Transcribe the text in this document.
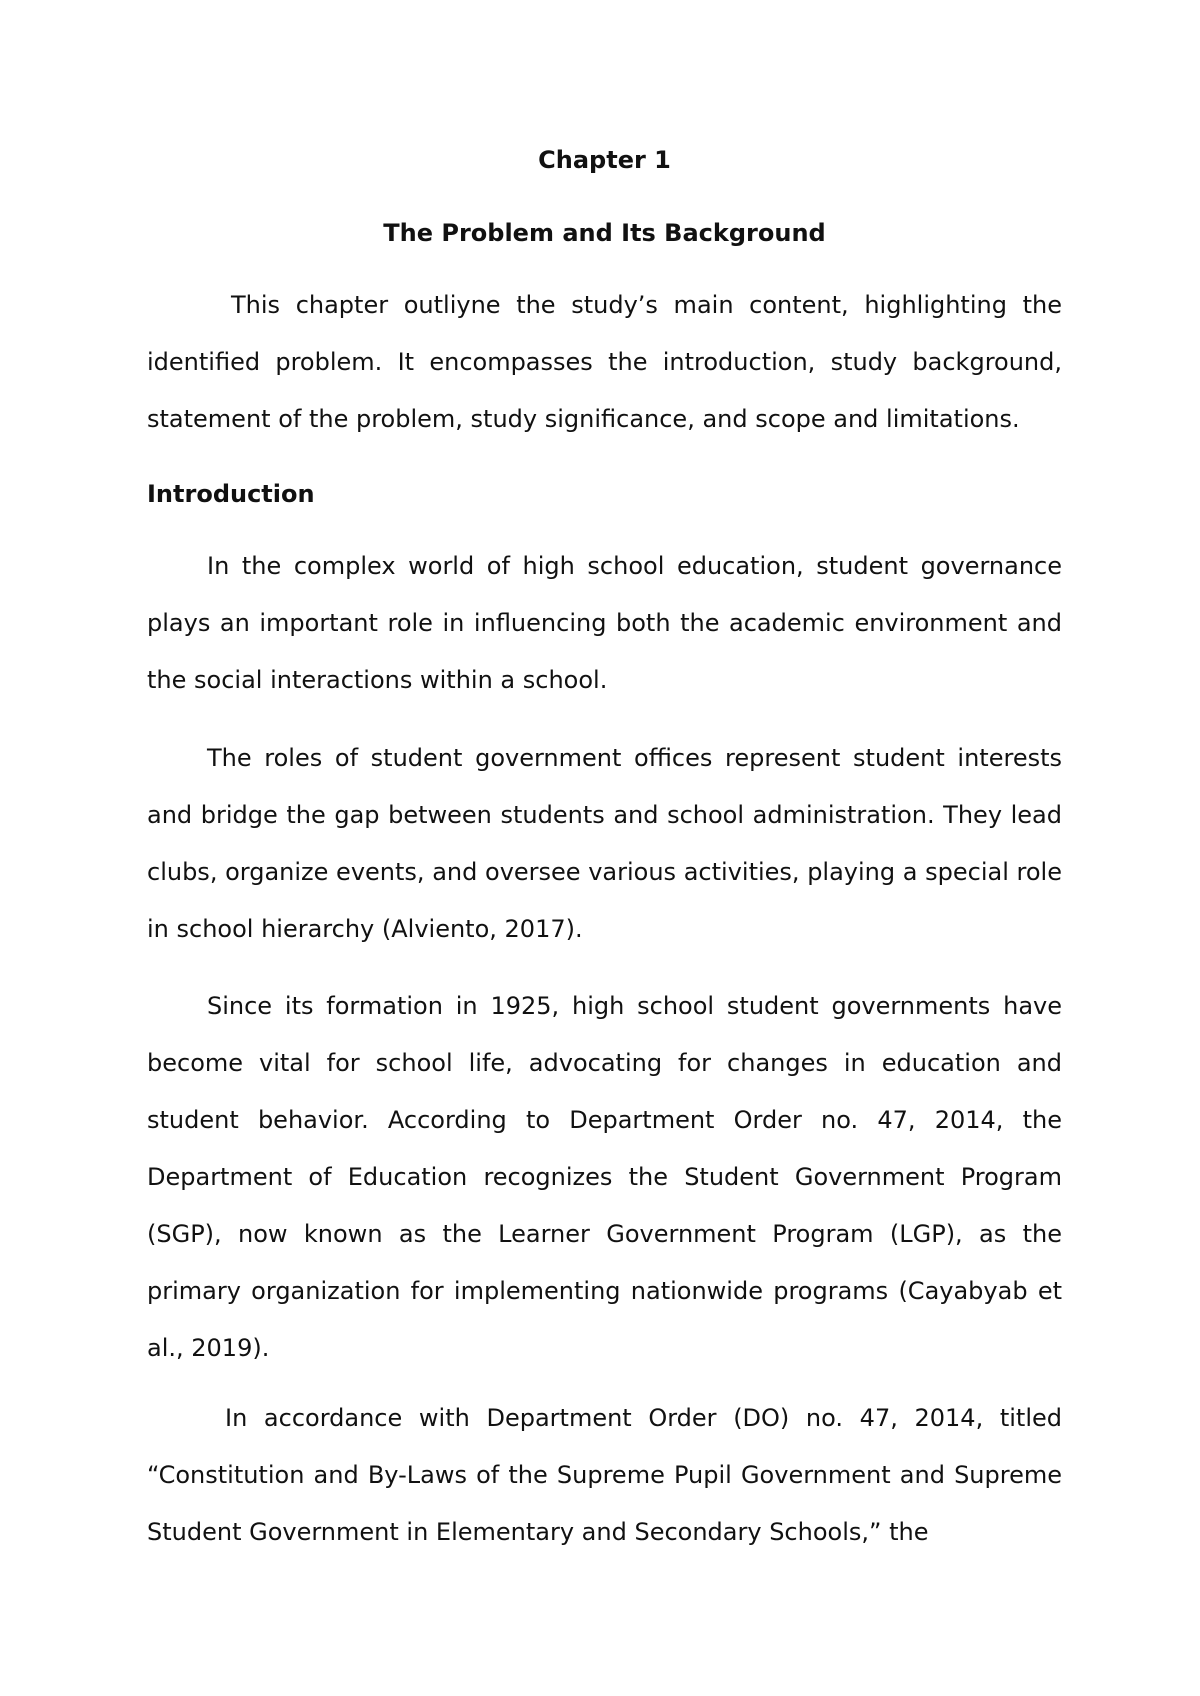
Chapter 1
The Problem and Its Background

This chapter outliyne the study’s main content, highlighting the identified problem. It encompasses the introduction, study background, statement of the problem, study significance, and scope and limitations.

Introduction

In the complex world of high school education, student governance plays an important role in influencing both the academic environment and the social interactions within a school.

The roles of student government offices represent student interests and bridge the gap between students and school administration. They lead clubs, organize events, and oversee various activities, playing a special role in school hierarchy (Alviento, 2017).

Since its formation in 1925, high school student governments have become vital for school life, advocating for changes in education and student behavior. According to Department Order no. 47, 2014, the Department of Education recognizes the Student Government Program (SGP), now known as the Learner Government Program (LGP), as the primary organization for implementing nationwide programs (Cayabyab et al., 2019).

In accordance with Department Order (DO) no. 47, 2014, titled “Constitution and By-Laws of the Supreme Pupil Government and Supreme Student Government in Elementary and Secondary Schools,” the
